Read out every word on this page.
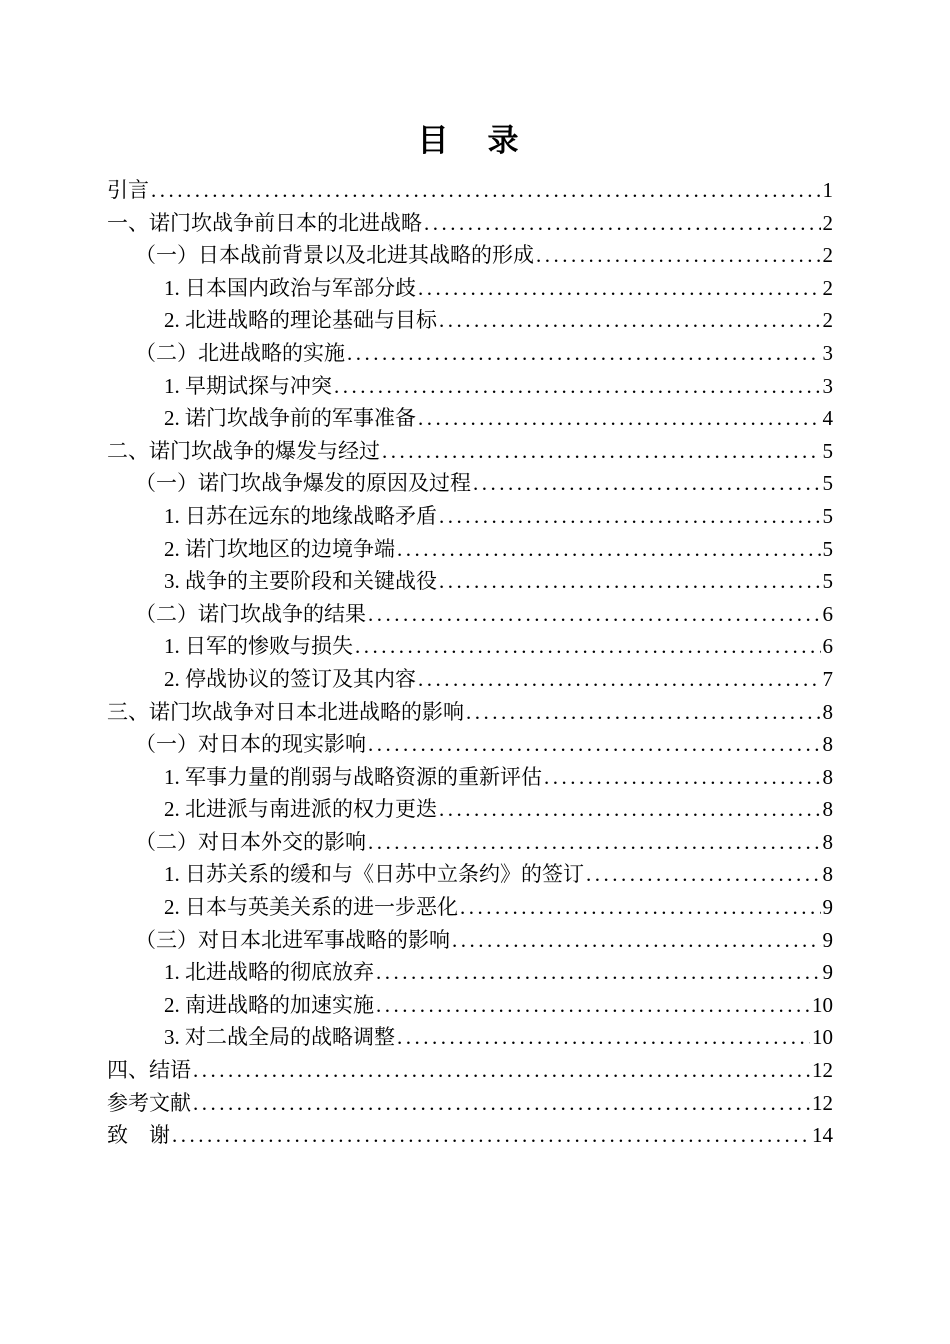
目　录
引言 .....	1
一、诺门坎战争前日本的北进战略 .....	2
（一）日本战前背景以及北进其战略的形成 .....	2
1. 日本国内政治与军部分歧 .....	2
2. 北进战略的理论基础与目标 .....	2
（二）北进战略的实施 .....	3
1. 早期试探与冲突 .....	3
2. 诺门坎战争前的军事准备 .....	4
二、诺门坎战争的爆发与经过 .....	5
（一）诺门坎战争爆发的原因及过程 .....	5
1. 日苏在远东的地缘战略矛盾 .....	5
2. 诺门坎地区的边境争端 .....	5
3. 战争的主要阶段和关键战役 .....	5
（二）诺门坎战争的结果 .....	6
1. 日军的惨败与损失 .....	6
2. 停战协议的签订及其内容 .....	7
三、诺门坎战争对日本北进战略的影响 .....	8
（一）对日本的现实影响 .....	8
1. 军事力量的削弱与战略资源的重新评估 .....	8
2. 北进派与南进派的权力更迭 .....	8
（二）对日本外交的影响 .....	8
1. 日苏关系的缓和与《日苏中立条约》的签订 .....	8
2. 日本与英美关系的进一步恶化 .....	9
（三）对日本北进军事战略的影响 .....	9
1. 北进战略的彻底放弃 .....	9
2. 南进战略的加速实施 .....	10
3. 对二战全局的战略调整 .....	10
四、结语 .....	12
参考文献 .....	12
致　谢 .....	14
